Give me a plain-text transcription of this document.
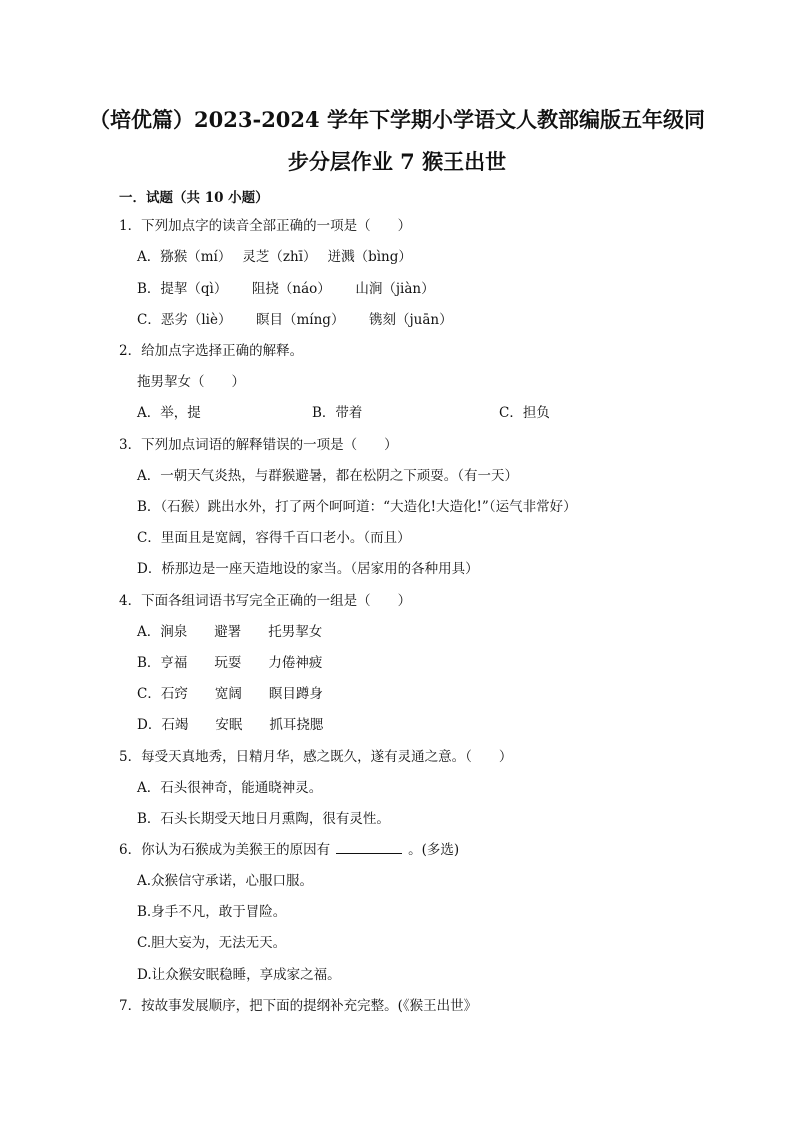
（培优篇）2023-2024 学年下学期小学语文人教部编版五年级同
步分层作业 7 猴王出世
一．试题（共 10 小题）
1．下列加点字的读音全部正确的一项是（　　）
A．猕猴（mí）　 灵芝（zhī）　 迸溅（bìng）
B．提挈（qì）　　 阻挠（náo）　　 山涧（jiàn）
C．恶劣（liè）　　 瞑目（míng）　　 镌刻（juān）
2．给加点字选择正确的解释。
拖男挈女（　　）
A．举，提	B．带着	C．担负
3．下列加点词语的解释错误的一项是（　　）
A．一朝天气炎热，与群猴避暑，都在松阴之下顽耍。（有一天）
B．（石猴）跳出水外，打了两个呵呵道：“大造化!大造化!”（运气非常好）
C．里面且是宽阔，容得千百口老小。（而且）
D．桥那边是一座天造地设的家当。（居家用的各种用具）
4．下面各组词语书写完全正确的一组是（　　）
A．涧泉　　避署　　托男挈女
B．亨福　　玩耍　　力倦神疲
C．石窍　　宽阔　　瞑目蹲身
D．石竭　　安眠　　抓耳挠腮
5．每受天真地秀，日精月华，感之既久，遂有灵通之意。（　　）
A．石头很神奇，能通晓神灵。
B．石头长期受天地日月熏陶，很有灵性。
6．你认为石猴成为美猴王的原因有	。(多选)
A.众猴信守承诺，心服口服。
B.身手不凡，敢于冒险。
C.胆大妄为，无法无天。
D.让众猴安眠稳睡，享成家之福。
7．按故事发展顺序，把下面的提纲补充完整。(《猴王出世》
